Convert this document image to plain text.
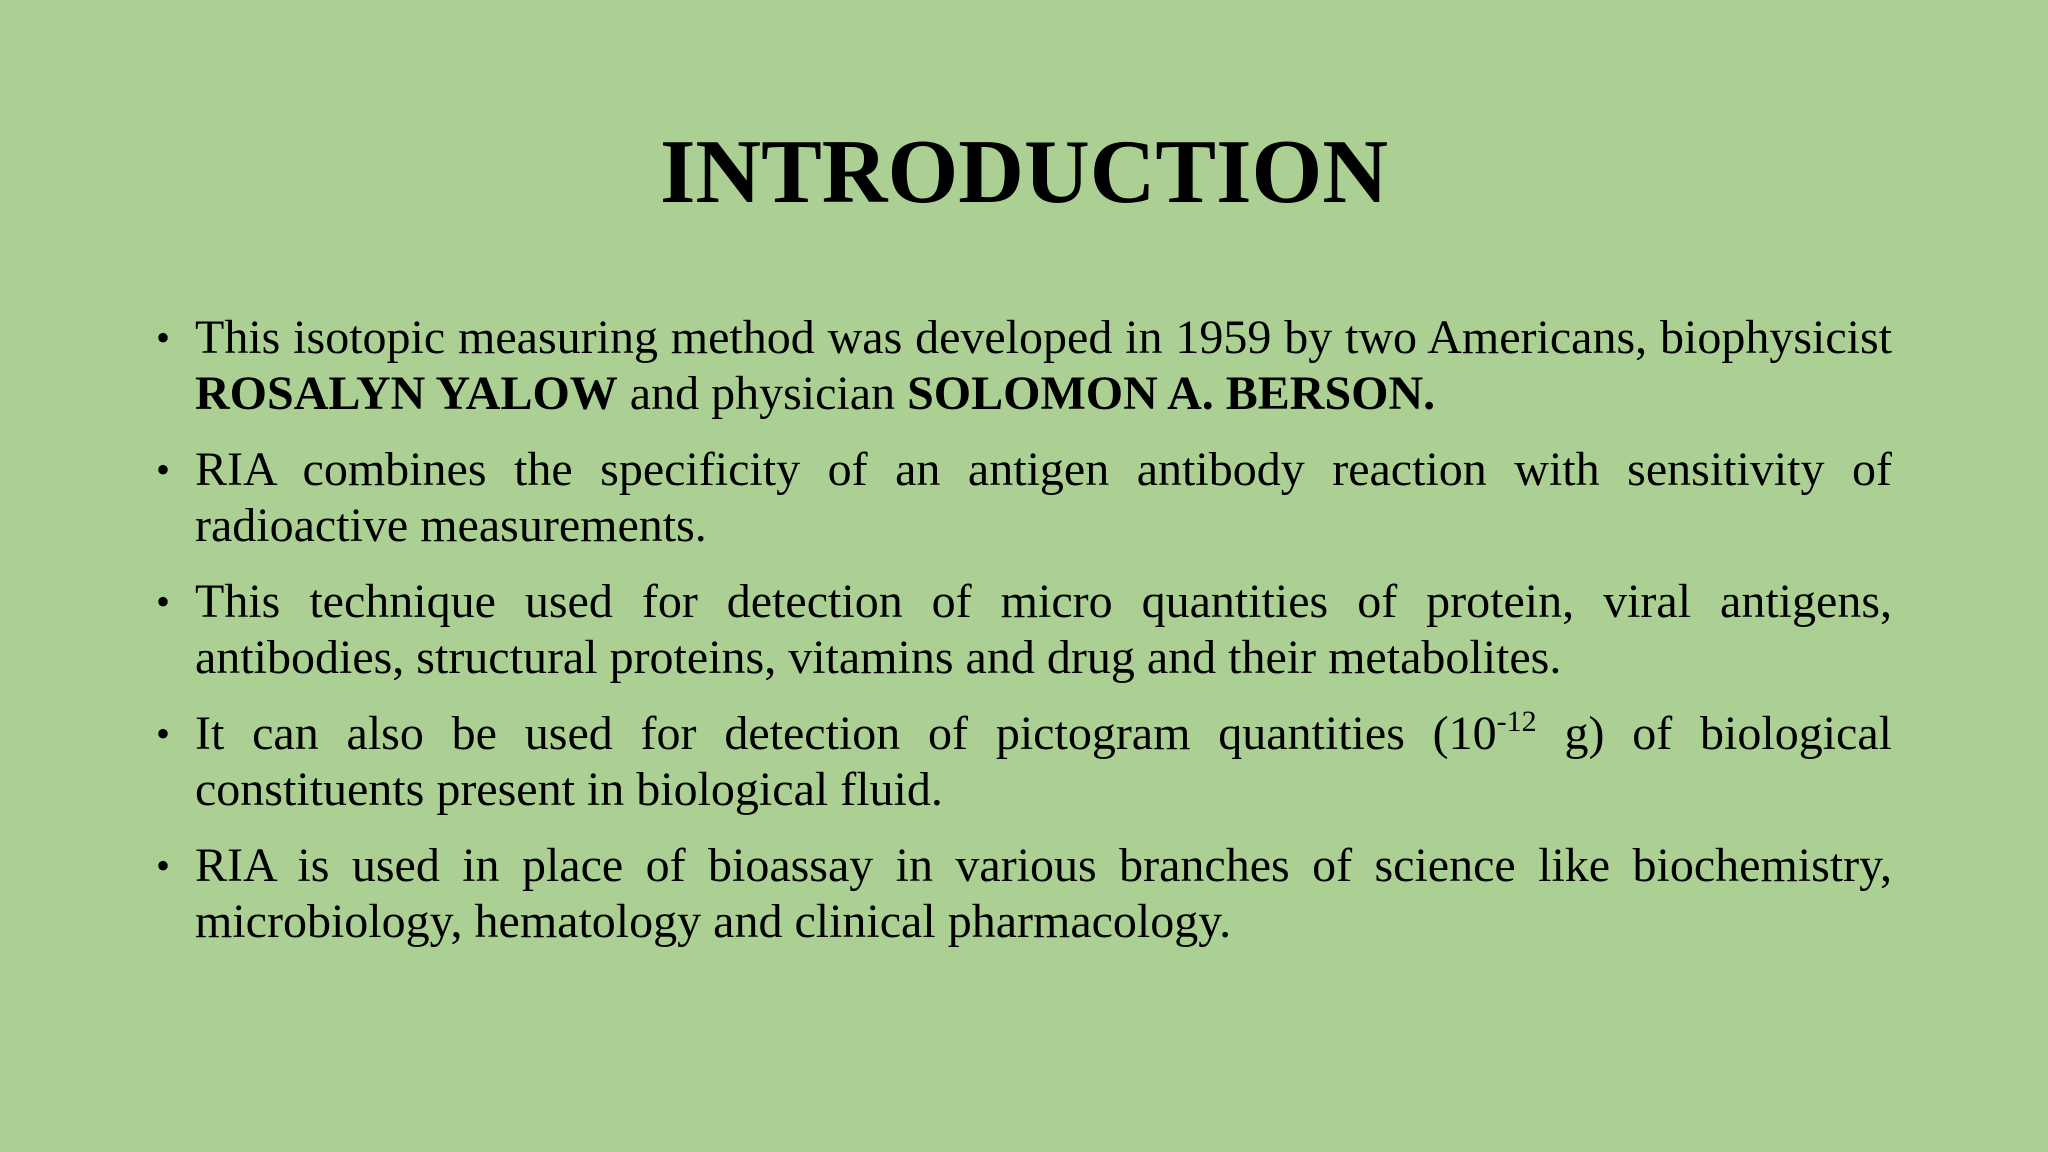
INTRODUCTION
• This isotopic measuring method was developed in 1959 by two Americans, biophysicist ROSALYN YALOW and physician SOLOMON A. BERSON.
• RIA combines the specificity of an antigen antibody reaction with sensitivity of radioactive measurements.
• This technique used for detection of micro quantities of protein, viral antigens, antibodies, structural proteins, vitamins and drug and their metabolites.
• It can also be used for detection of pictogram quantities ($10^{-12}$ g) of biological constituents present in biological fluid.
• RIA is used in place of bioassay in various branches of science like biochemistry, microbiology, hematology and clinical pharmacology.
